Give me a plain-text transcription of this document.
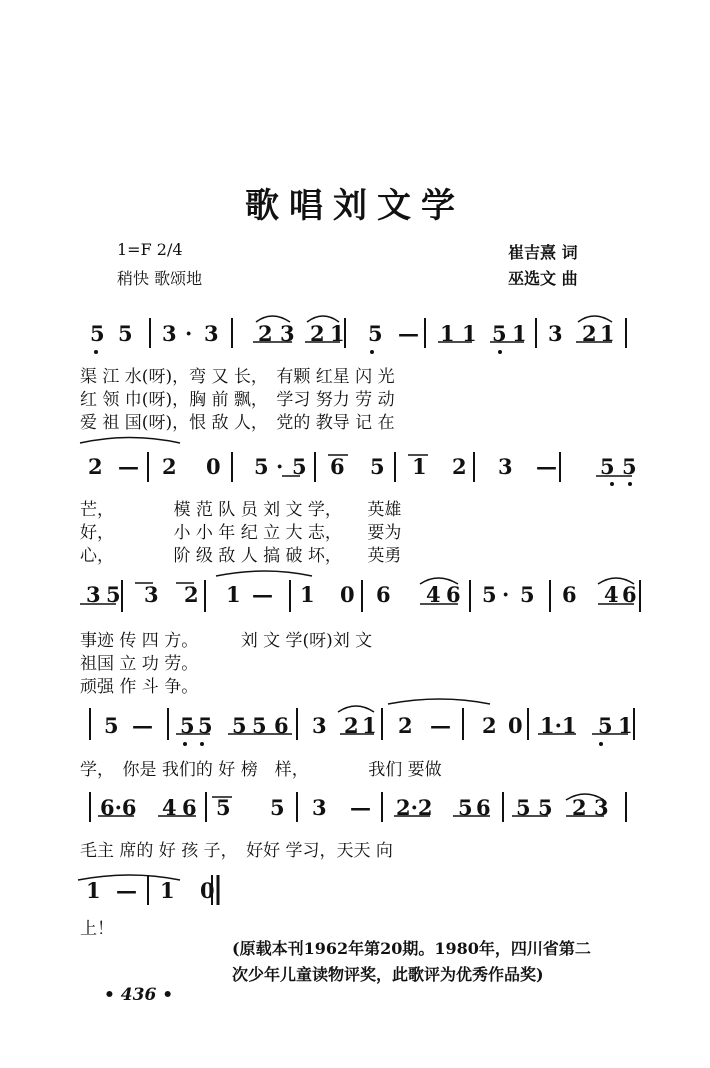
歌唱刘文学
1=F 2/4
稍快 歌颂地
崔吉熹 词
巫选文 曲
5 5 3 · 3 2 3 2 1 5 — 1 1 5 1 3 2 1
2 — 2 0 5 · 5 6 5 1 2 3 — 5 5
3 5 3 2 1 — 1 0 6 4 6 5 · 5 6 4 6
5 — 5 5 5 5 6 3 2 1 2 — 2 0 1·1 5 1
6·6 4 6 5 5 3 — 2·2 5 6 5 5 2 3
1 — 1 0
渠 江 水(呀)，弯 又 长，　有颗 红星 闪 光
红 领 巾(呀)，胸 前 飘，　学习 努力 劳 动
爱 祖 国(呀)，恨 敌 人，　党的 教导 记 在
芒，　　　　模 范 队 员 刘 文 学，　　英雄
好，　　　　小 小 年 纪 立 大 志，　　要为
心，　　　　阶 级 敌 人 搞 破 坏，　　英勇
事迹 传 四 方。　　　刘 文 学(呀)刘 文
祖国 立 功 劳。
顽强 作 斗 争。
学，　你是 我们的 好 榜　样，　　　　我们 要做
毛主 席的 好 孩 子，　好好 学习，天天 向
上！
(原载本刊1962年第20期。1980年，四川省第二
次少年儿童读物评奖，此歌评为优秀作品奖)
• 436 •
